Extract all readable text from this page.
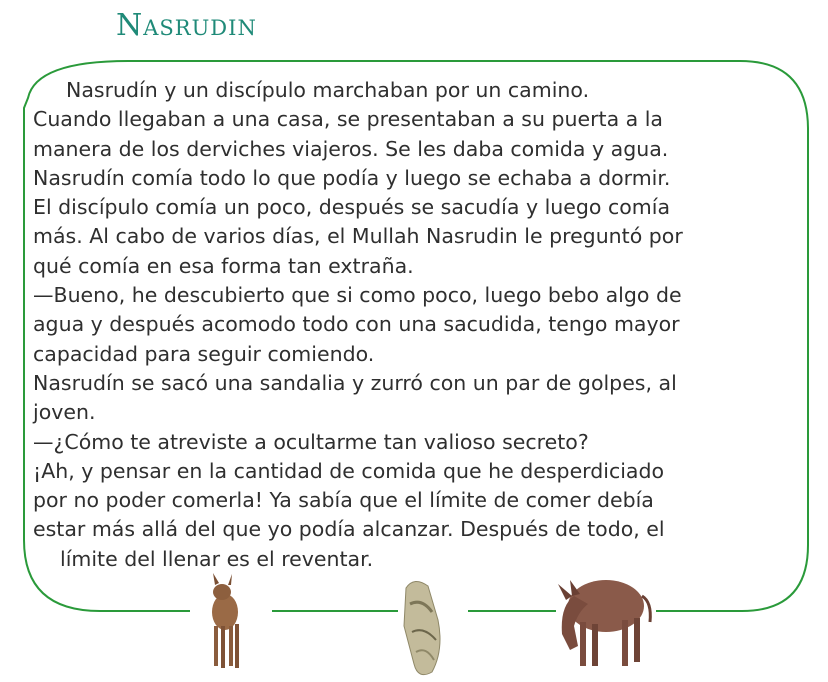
Nasrudin
Nasrudín y un discípulo marchaban por un camino.
Cuando llegaban a una casa, se presentaban a su puerta a la
manera de los derviches viajeros. Se les daba comida y agua.
Nasrudín comía todo lo que podía y luego se echaba a dormir.
El discípulo comía un poco, después se sacudía y luego comía
más. Al cabo de varios días, el Mullah Nasrudin le preguntó por
qué comía en esa forma tan extraña.
—Bueno, he descubierto que si como poco, luego bebo algo de
agua y después acomodo todo con una sacudida, tengo mayor
capacidad para seguir comiendo.
Nasrudín se sacó una sandalia y zurró con un par de golpes, al
joven.
—¿Cómo te atreviste a ocultarme tan valioso secreto?
¡Ah, y pensar en la cantidad de comida que he desperdiciado
por no poder comerla! Ya sabía que el límite de comer debía
estar más allá del que yo podía alcanzar. Después de todo, el
límite del llenar es el reventar.
